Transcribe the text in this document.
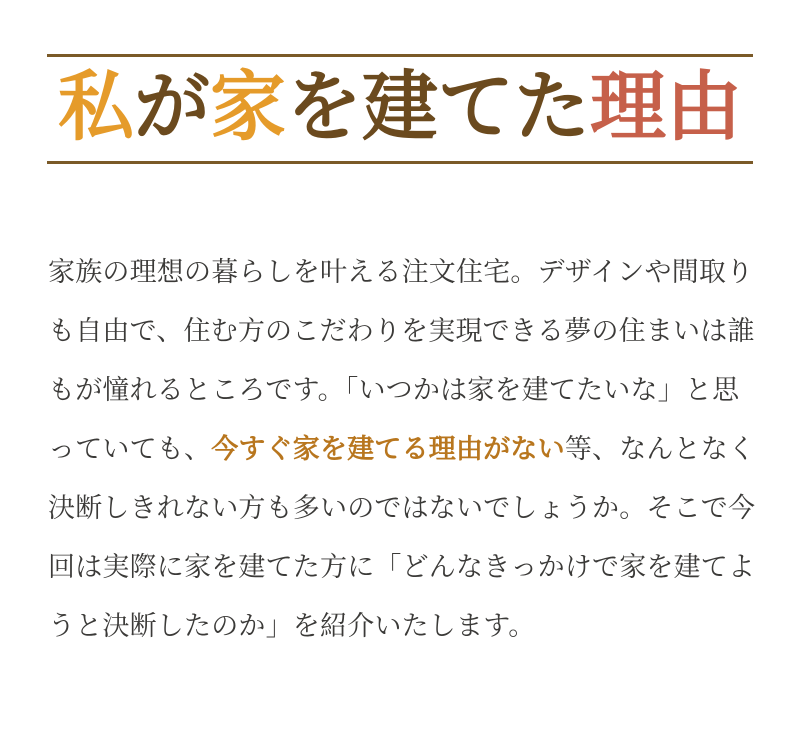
私 が 家 を建てた 理由

家族の理想の暮らしを叶える注文住宅。デザインや間取りも自由で、住む方のこだわりを実現できる夢の住まいは誰もが憧れるところです。「いつかは家を建てたいな」と思っていても、今すぐ家を建てる理由がない等、なんとなく決断しきれない方も多いのではないでしょうか。そこで今回は実際に家を建てた方に「どんなきっかけで家を建てようと決断したのか」を紹介いたします。
